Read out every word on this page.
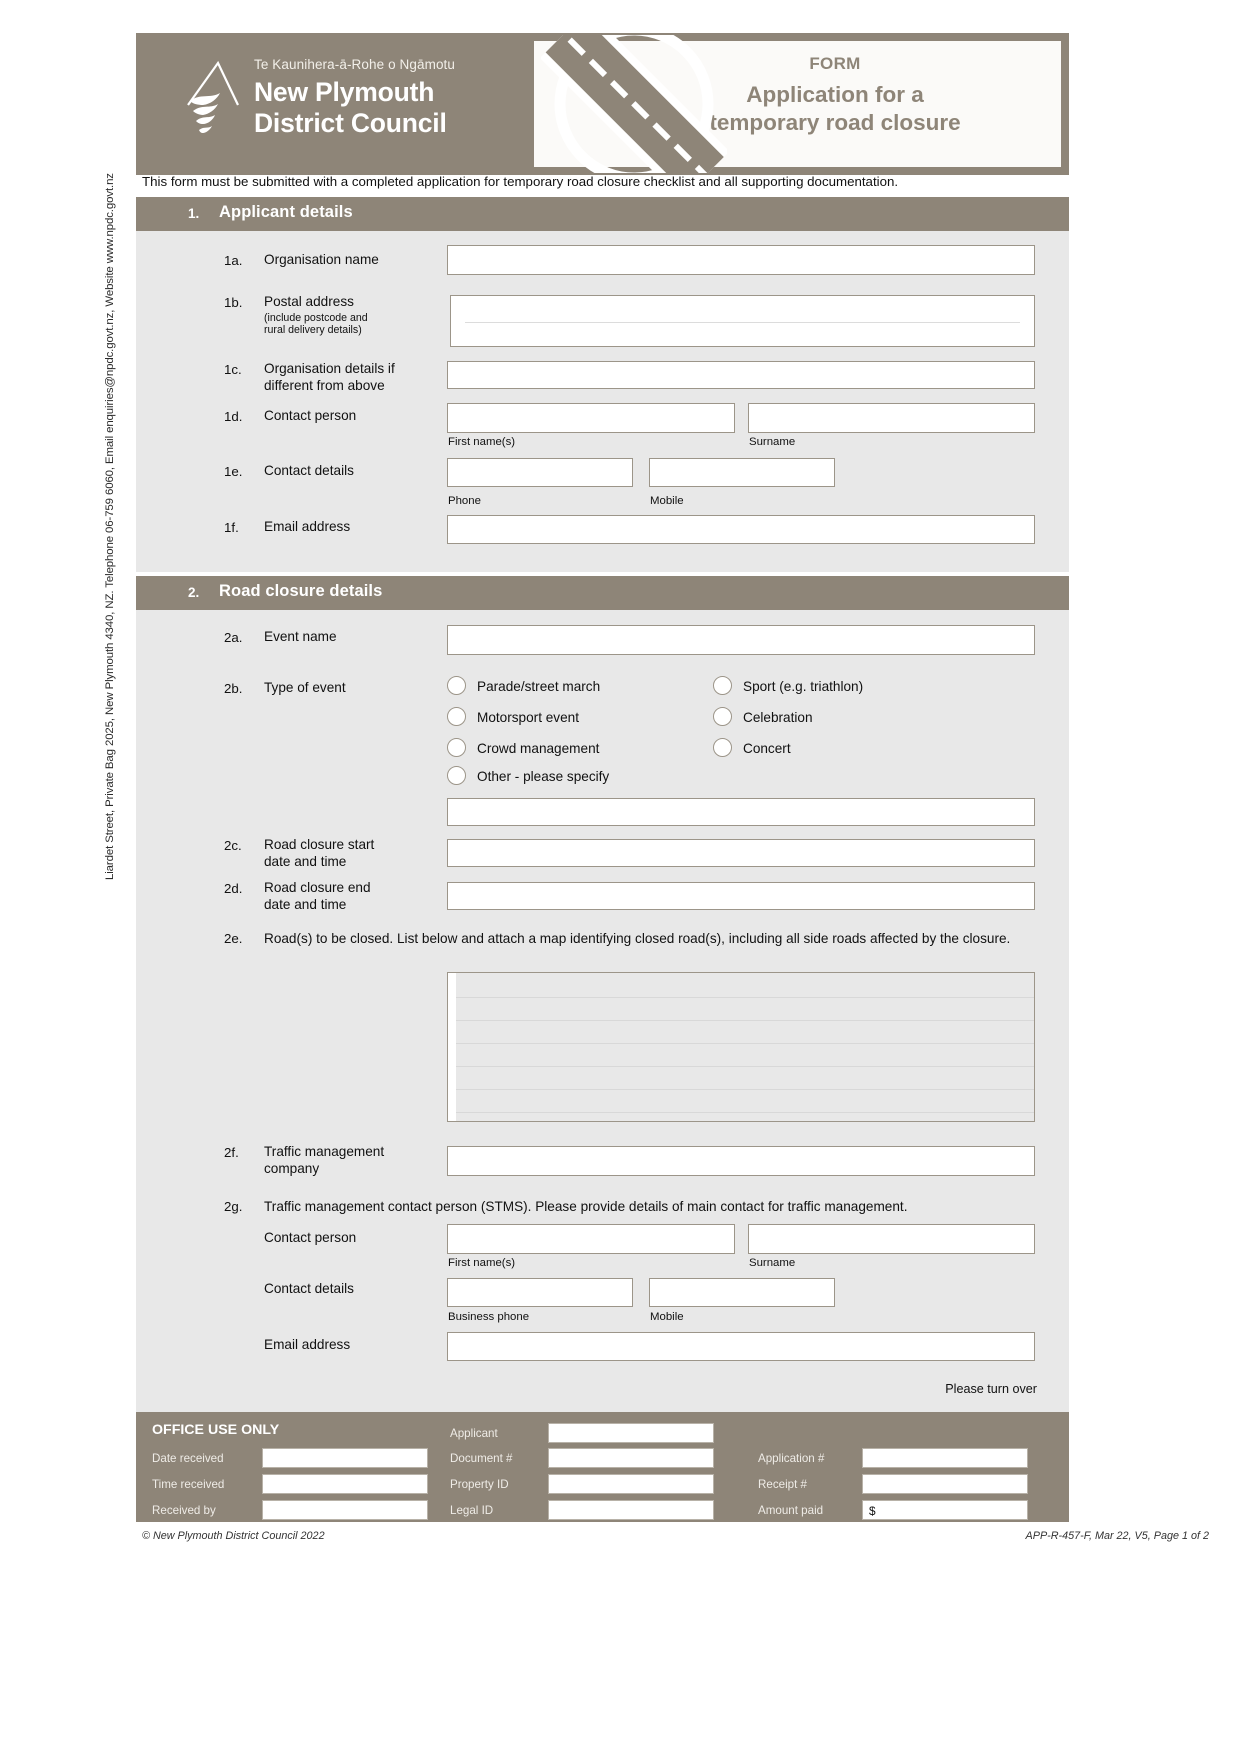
Liardet Street, Private Bag 2025, New Plymouth 4340, NZ. Telephone 06-759 6060, Email enquiries@npdc.govt.nz, Website www.npdc.govt.nz
Te Kaunihera-ā-Rohe o Ngāmotu
New Plymouth
District Council
FORM
Application for a
temporary road closure
This form must be submitted with a completed application for temporary road closure checklist and all supporting documentation.
1. Applicant details
1a. Organisation name
1b. Postal address
(include postcode and
rural delivery details)
1c. Organisation details if
different from above
1d. Contact person
First name(s)	Surname
1e. Contact details
Phone	Mobile
1f. Email address
2. Road closure details
2a. Event name
2b. Type of event	Parade/street march	Sport (e.g. triathlon)
Motorsport event	Celebration
Crowd management	Concert
Other - please specify
2c. Road closure start
date and time
2d. Road closure end
date and time
2e. Road(s) to be closed. List below and attach a map identifying closed road(s), including all side roads affected by the closure.
2f. Traffic management
company
2g. Traffic management contact person (STMS). Please provide details of main contact for traffic management.
Contact person
First name(s)	Surname
Contact details
Business phone	Mobile
Email address
Please turn over
OFFICE USE ONLY
Date received
Time received
Received by
Applicant
Document #
Property ID
Legal ID
Application #
Receipt #
Amount paid	$
© New Plymouth District Council 2022	APP-R-457-F, Mar 22, V5, Page 1 of 2
